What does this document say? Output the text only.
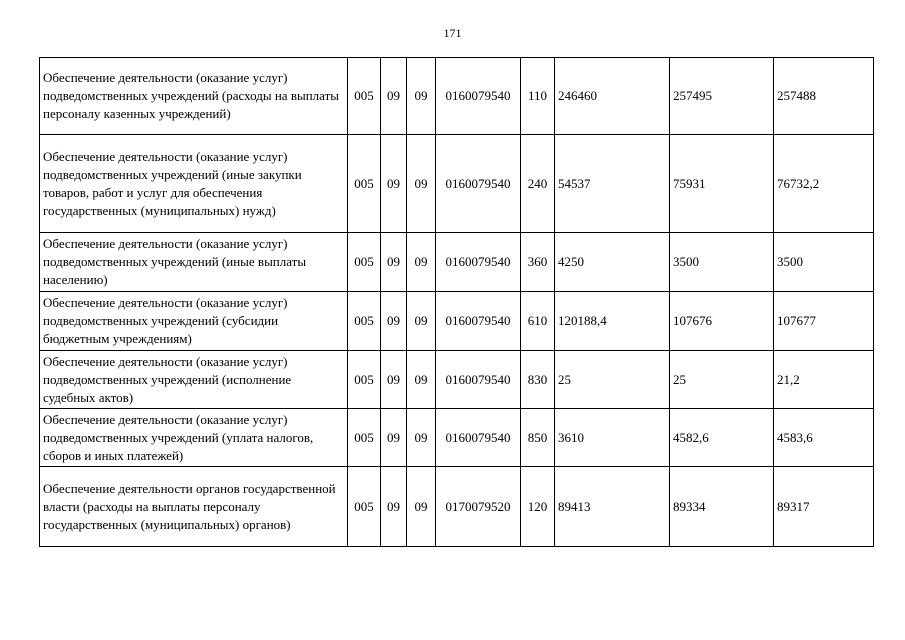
171
Обеспечение деятельности (оказание услуг) подведомственных учреждений (расходы на выплаты персоналу казенных учреждений)	005	09	09	0160079540	110	246460	257495	257488
Обеспечение деятельности (оказание услуг) подведомственных учреждений (иные закупки товаров, работ и услуг для обеспечения государственных (муниципальных) нужд)	005	09	09	0160079540	240	54537	75931	76732,2
Обеспечение деятельности (оказание услуг) подведомственных учреждений (иные выплаты населению)	005	09	09	0160079540	360	4250	3500	3500
Обеспечение деятельности (оказание услуг) подведомственных учреждений (субсидии бюджетным учреждениям)	005	09	09	0160079540	610	120188,4	107676	107677
Обеспечение деятельности (оказание услуг) подведомственных учреждений (исполнение судебных актов)	005	09	09	0160079540	830	25	25	21,2
Обеспечение деятельности (оказание услуг) подведомственных учреждений (уплата налогов, сборов и иных платежей)	005	09	09	0160079540	850	3610	4582,6	4583,6
Обеспечение деятельности органов государственной власти (расходы на выплаты персоналу государственных (муниципальных) органов)	005	09	09	0170079520	120	89413	89334	89317
